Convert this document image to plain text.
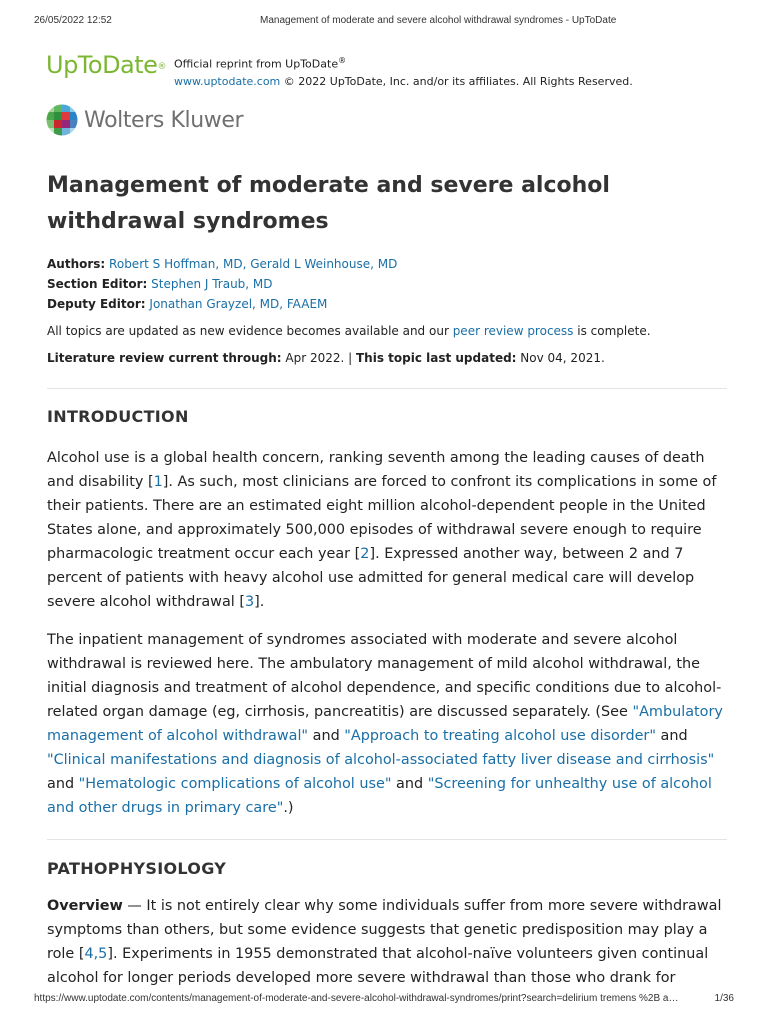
26/05/2022 12:52	Management of moderate and severe alcohol withdrawal syndromes - UpToDate
UpToDate® Official reprint from UpToDate®
www.uptodate.com © 2022 UpToDate, Inc. and/or its affiliates. All Rights Reserved.
Wolters Kluwer
Management of moderate and severe alcohol withdrawal syndromes
Authors: Robert S Hoffman, MD, Gerald L Weinhouse, MD
Section Editor: Stephen J Traub, MD
Deputy Editor: Jonathan Grayzel, MD, FAAEM
All topics are updated as new evidence becomes available and our peer review process is complete.
Literature review current through: Apr 2022. | This topic last updated: Nov 04, 2021.
INTRODUCTION

Alcohol use is a global health concern, ranking seventh among the leading causes of death and disability [1]. As such, most clinicians are forced to confront its complications in some of their patients. There are an estimated eight million alcohol-dependent people in the United States alone, and approximately 500,000 episodes of withdrawal severe enough to require pharmacologic treatment occur each year [2]. Expressed another way, between 2 and 7 percent of patients with heavy alcohol use admitted for general medical care will develop severe alcohol withdrawal [3].

The inpatient management of syndromes associated with moderate and severe alcohol withdrawal is reviewed here. The ambulatory management of mild alcohol withdrawal, the initial diagnosis and treatment of alcohol dependence, and specific conditions due to alcohol-related organ damage (eg, cirrhosis, pancreatitis) are discussed separately. (See "Ambulatory management of alcohol withdrawal" and "Approach to treating alcohol use disorder" and "Clinical manifestations and diagnosis of alcohol-associated fatty liver disease and cirrhosis" and "Hematologic complications of alcohol use" and "Screening for unhealthy use of alcohol and other drugs in primary care".)

PATHOPHYSIOLOGY

Overview — It is not entirely clear why some individuals suffer from more severe withdrawal symptoms than others, but some evidence suggests that genetic predisposition may play a role [4,5]. Experiments in 1955 demonstrated that alcohol-naïve volunteers given continual alcohol for longer periods developed more severe withdrawal than those who drank for

https://www.uptodate.com/contents/management-of-moderate-and-severe-alcohol-withdrawal-syndromes/print?search=delirium tremens %2B a…	1/36
